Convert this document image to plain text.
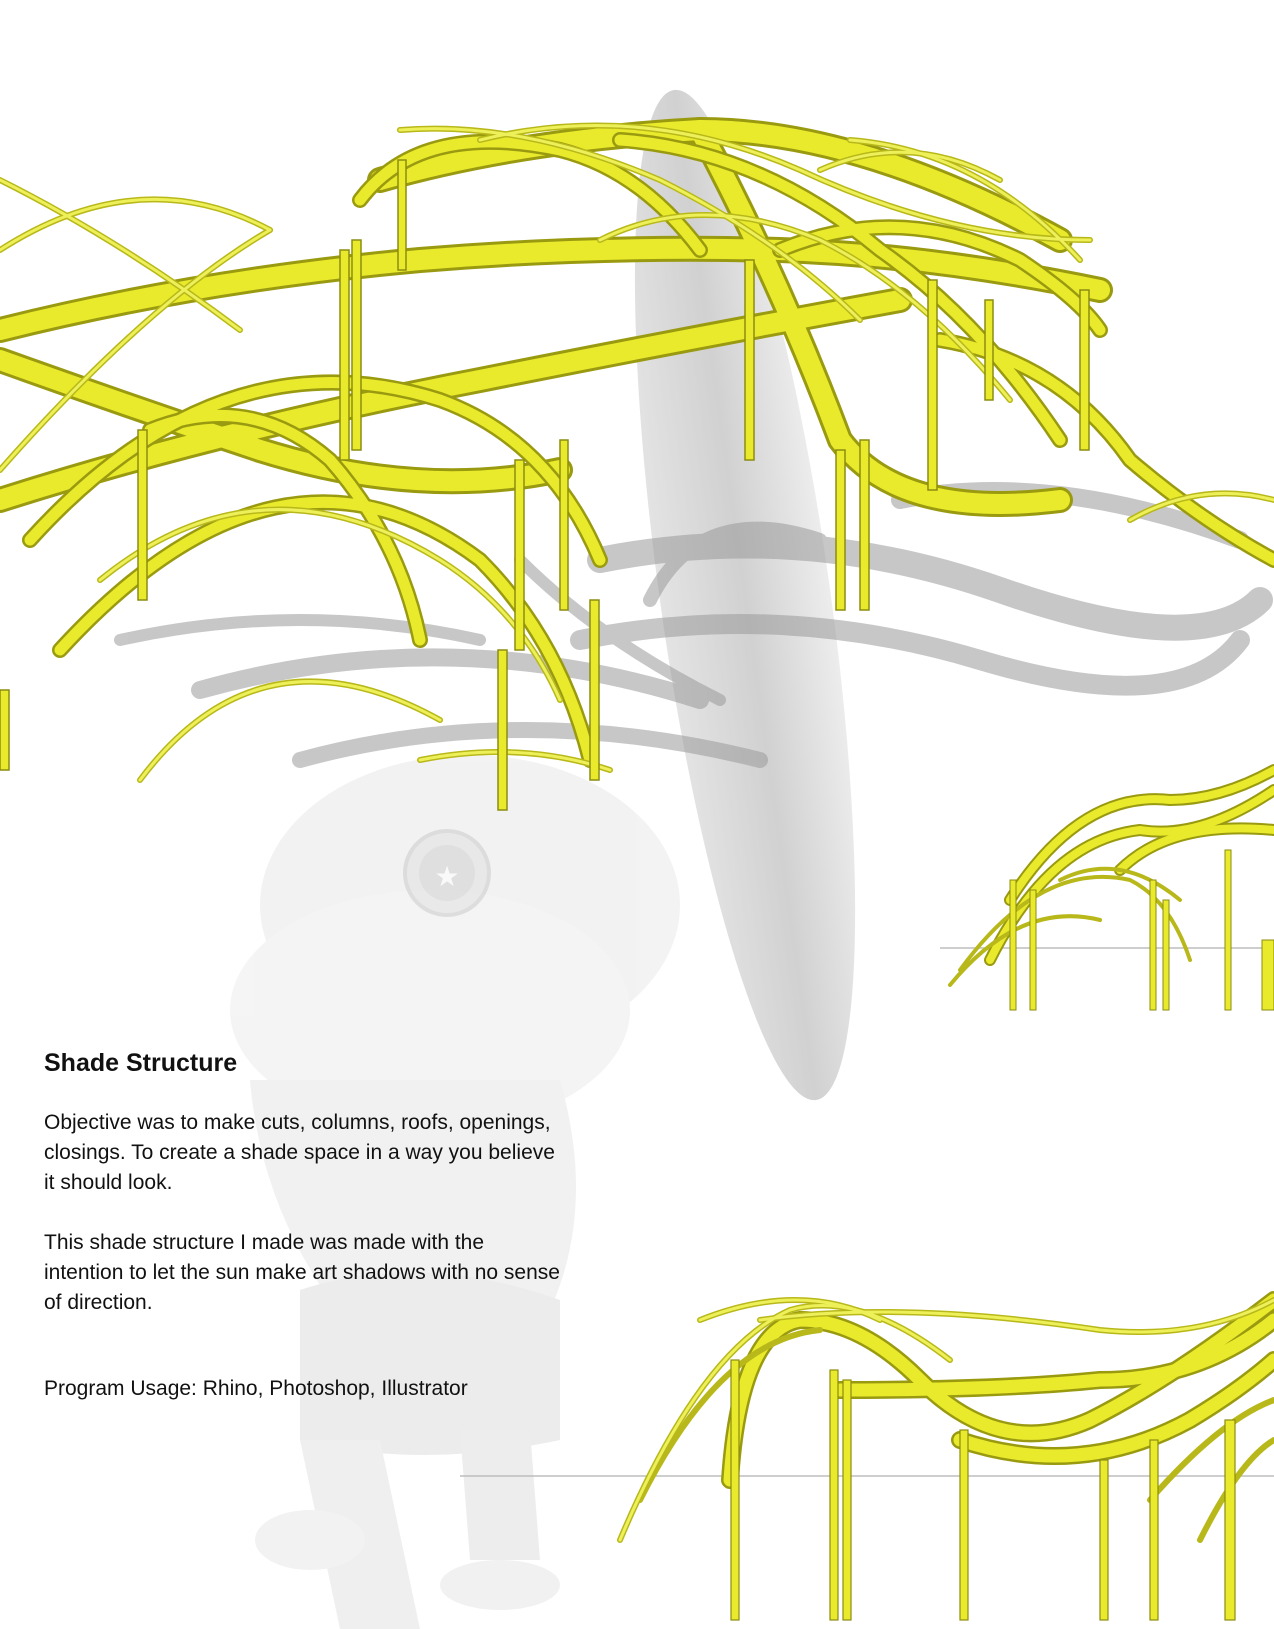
★
Shade Structure

Objective was to make cuts, columns, roofs, openings, closings. To create a shade space in a way you believe it should look.

This shade structure I made was made with the intention to let the sun make art shadows with no sense of direction.

Program Usage: Rhino, Photoshop, Illustrator
